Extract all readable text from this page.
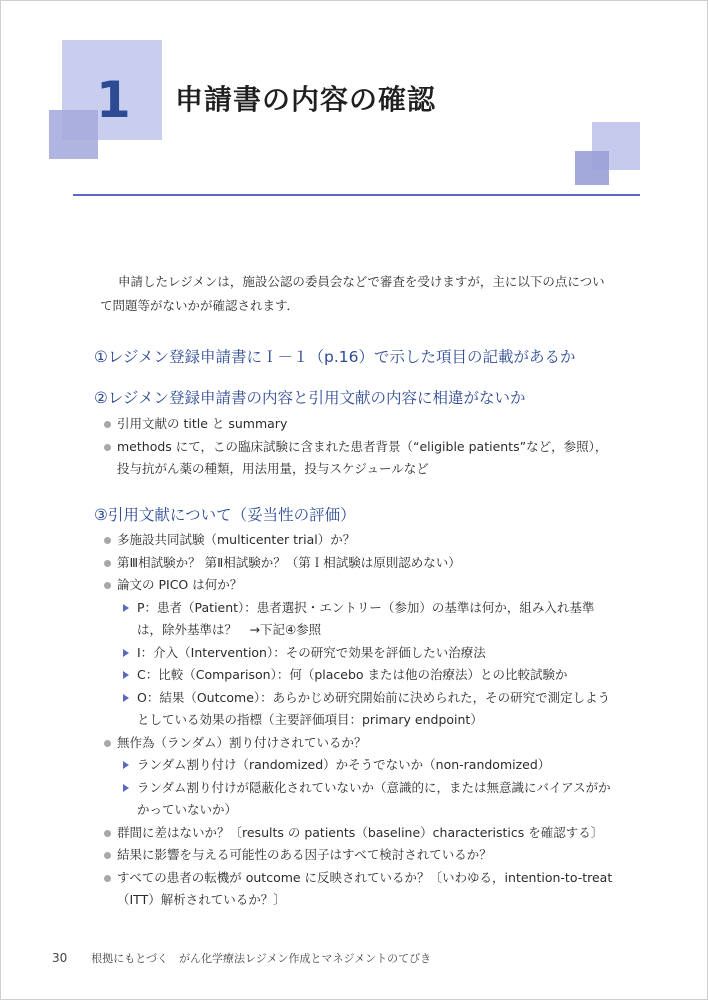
1 申請書の内容の確認

申請したレジメンは，施設公認の委員会などで審査を受けますが，主に以下の点について問題等がないかが確認されます．

①レジメン登録申請書にＩ－１（p.16）で示した項目の記載があるか
②レジメン登録申請書の内容と引用文献の内容に相違がないか
引用文献の title と summary
methods にて，この臨床試験に含まれた患者背景（“eligible patients”など，参照），投与抗がん薬の種類，用法用量，投与スケジュールなど
③引用文献について（妥当性の評価）
多施設共同試験（multicenter trial）か？
第Ⅲ相試験か？ 第Ⅱ相試験か？（第Ｉ相試験は原則認めない）
論文の PICO は何か？
P：患者（Patient）：患者選択・エントリー（参加）の基準は何か，組み入れ基準は，除外基準は？　→下記④参照
I：介入（Intervention）：その研究で効果を評価したい治療法
C：比較（Comparison）：何（placebo または他の治療法）との比較試験か
O：結果（Outcome）：あらかじめ研究開始前に決められた，その研究で測定しようとしている効果の指標（主要評価項目：primary endpoint）
無作為（ランダム）割り付けされているか？
ランダム割り付け（randomized）かそうでないか（non-randomized）
ランダム割り付けが隠蔽化されていないか（意識的に，または無意識にバイアスがかかっていないか）
群間に差はないか？〔results の patients（baseline）characteristics を確認する〕
結果に影響を与える可能性のある因子はすべて検討されているか？
すべての患者の転機が outcome に反映されているか？〔いわゆる，intention-to-treat（ITT）解析されているか？〕
30 根拠にもとづく　がん化学療法レジメン作成とマネジメントのてびき
